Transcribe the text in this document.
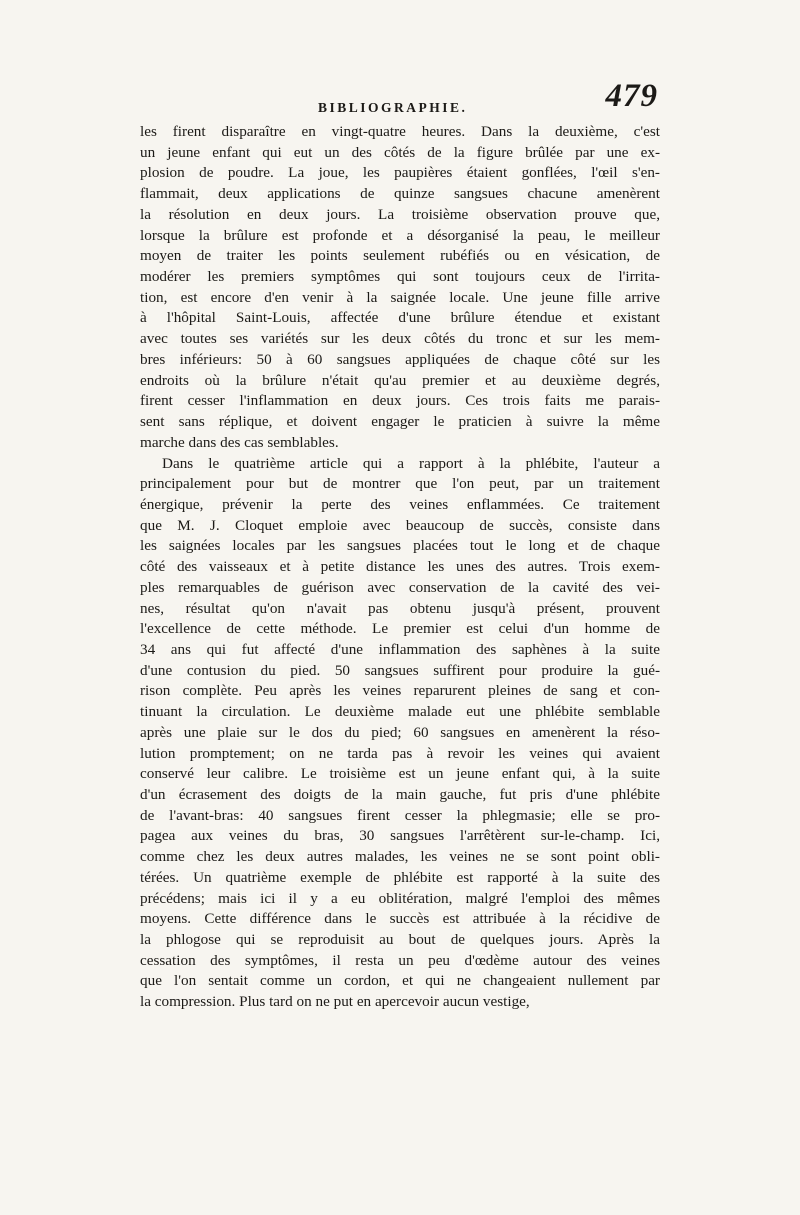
BIBLIOGRAPHIE.	479
les firent disparaître en vingt-quatre heures. Dans la deuxième, c'est
un jeune enfant qui eut un des côtés de la figure brûlée par une ex-
plosion de poudre. La joue, les paupières étaient gonflées, l'œil s'en-
flammait, deux applications de quinze sangsues chacune amenèrent
la résolution en deux jours. La troisième observation prouve que,
lorsque la brûlure est profonde et a désorganisé la peau, le meilleur
moyen de traiter les points seulement rubéfiés ou en vésication, de
modérer les premiers symptômes qui sont toujours ceux de l'irrita-
tion, est encore d'en venir à la saignée locale. Une jeune fille arrive
à l'hôpital Saint-Louis, affectée d'une brûlure étendue et existant
avec toutes ses variétés sur les deux côtés du tronc et sur les mem-
bres inférieurs: 50 à 60 sangsues appliquées de chaque côté sur les
endroits où la brûlure n'était qu'au premier et au deuxième degrés,
firent cesser l'inflammation en deux jours. Ces trois faits me parais-
sent sans réplique, et doivent engager le praticien à suivre la même
marche dans des cas semblables.
Dans le quatrième article qui a rapport à la phlébite, l'auteur a
principalement pour but de montrer que l'on peut, par un traitement
énergique, prévenir la perte des veines enflammées. Ce traitement
que M. J. Cloquet emploie avec beaucoup de succès, consiste dans
les saignées locales par les sangsues placées tout le long et de chaque
côté des vaisseaux et à petite distance les unes des autres. Trois exem-
ples remarquables de guérison avec conservation de la cavité des vei-
nes, résultat qu'on n'avait pas obtenu jusqu'à présent, prouvent
l'excellence de cette méthode. Le premier est celui d'un homme de
34 ans qui fut affecté d'une inflammation des saphènes à la suite
d'une contusion du pied. 50 sangsues suffirent pour produire la gué-
rison complète. Peu après les veines reparurent pleines de sang et con-
tinuant la circulation. Le deuxième malade eut une phlébite semblable
après une plaie sur le dos du pied; 60 sangsues en amenèrent la réso-
lution promptement; on ne tarda pas à revoir les veines qui avaient
conservé leur calibre. Le troisième est un jeune enfant qui, à la suite
d'un écrasement des doigts de la main gauche, fut pris d'une phlébite
de l'avant-bras: 40 sangsues firent cesser la phlegmasie; elle se pro-
pagea aux veines du bras, 30 sangsues l'arrêtèrent sur-le-champ. Ici,
comme chez les deux autres malades, les veines ne se sont point obli-
térées. Un quatrième exemple de phlébite est rapporté à la suite des
précédens; mais ici il y a eu oblitération, malgré l'emploi des mêmes
moyens. Cette différence dans le succès est attribuée à la récidive de
la phlogose qui se reproduisit au bout de quelques jours. Après la
cessation des symptômes, il resta un peu d'œdème autour des veines
que l'on sentait comme un cordon, et qui ne changeaient nullement par
la compression. Plus tard on ne put en apercevoir aucun vestige,
